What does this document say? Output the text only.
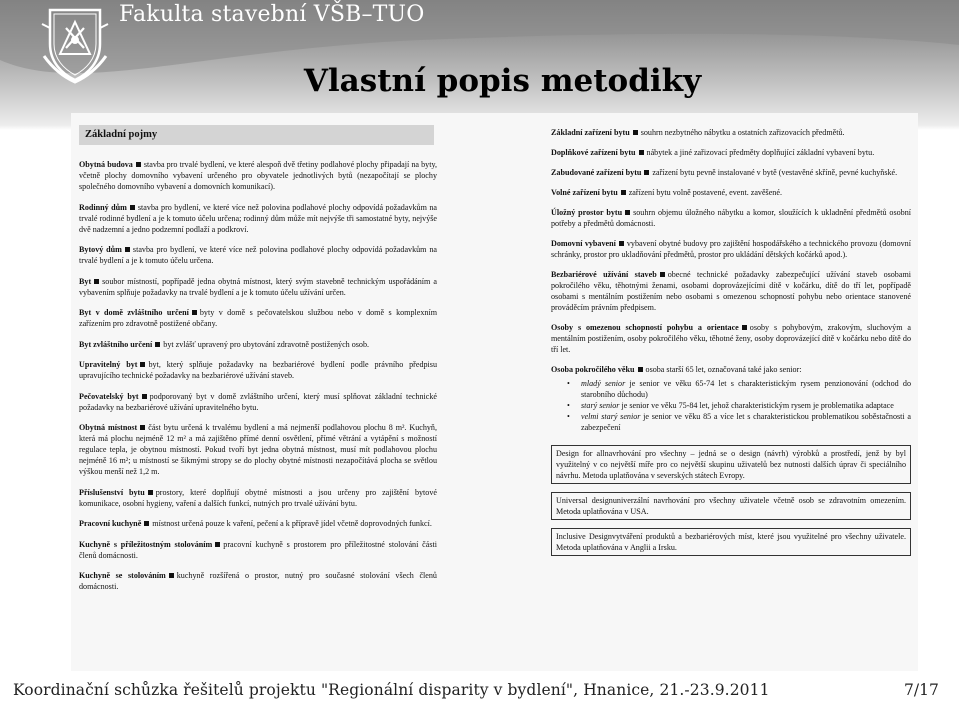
Fakulta stavební VŠB–TUO
Vlastní popis metodiky
Základní pojmy

Obytná budova stavba pro trvalé bydlení, ve které alespoň dvě třetiny podlahové plochy připadají na byty, včetně plochy domovního vybavení určeného pro obyvatele jednotlivých bytů (nezapočítají se plochy společného domovního vybavení a domovních komunikací).

Rodinný dům stavba pro bydlení, ve které více než polovina podlahové plochy odpovídá požadavkům na trvalé rodinné bydlení a je k tomuto účelu určena; rodinný dům může mít nejvýše tři samostatné byty, nejvýše dvě nadzemní a jedno podzemní podlaží a podkroví.

Bytový dům stavba pro bydlení, ve které více než polovina podlahové plochy odpovídá požadavkům na trvalé bydlení a je k tomuto účelu určena.

Byt soubor místností, popřípadě jedna obytná místnost, který svým stavebně technickým uspořádáním a vybavením splňuje požadavky na trvalé bydlení a je k tomuto účelu užívání určen.

Byt v domě zvláštního určení byty v domě s pečovatelskou službou nebo v domě s komplexním zařízením pro zdravotně postižené občany.

Byt zvláštního určení byt zvlášť upravený pro ubytování zdravotně postižených osob.

Upravitelný byt byt, který splňuje požadavky na bezbariérové bydlení podle právního předpisu upravujícího technické požadavky na bezbariérové užívání staveb.

Pečovatelský byt podporovaný byt v domě zvláštního určení, který musí splňovat základní technické požadavky na bezbariérové užívání upravitelného bytu.

Obytná místnost část bytu určená k trvalému bydlení a má nejmenší podlahovou plochu 8 m². Kuchyň, která má plochu nejméně 12 m² a má zajištěno přímé denní osvětlení, přímé větrání a vytápění s možností regulace tepla, je obytnou místností. Pokud tvoří byt jedna obytná místnost, musí mít podlahovou plochu nejméně 16 m²; u místností se šikmými stropy se do plochy obytné místnosti nezapočítává plocha se světlou výškou menší než 1,2 m.

Příslušenství bytu prostory, které doplňují obytné místnosti a jsou určeny pro zajištění bytové komunikace, osobní hygieny, vaření a dalších funkcí, nutných pro trvalé užívání bytu.

Pracovní kuchyně místnost určená pouze k vaření, pečení a k přípravě jídel včetně doprovodných funkcí.

Kuchyně s příležitostným stolováním pracovní kuchyně s prostorem pro příležitostné stolování části členů domácnosti.

Kuchyně se stolováním kuchyně rozšířená o prostor, nutný pro současné stolování všech členů domácnosti.

Základní zařízení bytu souhrn nezbytného nábytku a ostatních zařizovacích předmětů.

Doplňkové zařízení bytu nábytek a jiné zařizovací předměty doplňující základní vybavení bytu.

Zabudované zařízení bytu zařízení bytu pevně instalované v bytě (vestavěné skříně, pevné kuchyňské.

Volné zařízení bytu zařízení bytu volně postavené, event. zavěšené.

Úložný prostor bytu souhrn objemu úložného nábytku a komor, sloužících k ukladnění předmětů osobní potřeby a předmětů domácnosti.

Domovní vybavení vybavení obytné budovy pro zajištění hospodářského a technického provozu (domovní schránky, prostor pro ukladňování předmětů, prostor pro ukládání dětských kočárků apod.).

Bezbariérové užívání staveb obecné technické požadavky zabezpečující užívání staveb osobami pokročilého věku, těhotnými ženami, osobami doprovázejícími dítě v kočárku, dítě do tří let, popřípadě osobami s mentálním postižením nebo osobami s omezenou schopností pohybu nebo orientace stanovené prováděcím právním předpisem.

Osoby s omezenou schopností pohybu a orientace osoby s pohybovým, zrakovým, sluchovým a mentálním postižením, osoby pokročilého věku, těhotné ženy, osoby doprovázející dítě v kočárku nebo dítě do tří let.

Osoba pokročilého věku osoba starší 65 let, označovaná také jako senior:

• mladý senior je senior ve věku 65-74 let s charakteristickým rysem penzionování (odchod do starobního důchodu)
• starý senior je senior ve věku 75-84 let, jehož charakteristickým rysem je problematika adaptace
• velmi starý senior je senior ve věku 85 a více let s charakteristickou problematikou soběstačnosti a zabezpečení

Design for allnavrhování pro všechny – jedná se o design (návrh) výrobků a prostředí, jenž by byl využitelný v co největší míře pro co největší skupinu uživatelů bez nutnosti dalších úprav či speciálního návrhu. Metoda uplatňována v severských státech Evropy.

Universal designuniverzální navrhování pro všechny uživatele včetně osob se zdravotním omezením. Metoda uplatňována v USA.

Inclusive Designvytváření produktů a bezbariérových míst, které jsou využitelné pro všechny uživatele. Metoda uplatňována v Anglii a Irsku.

Koordinační schůzka řešitelů projektu "Regionální disparity v bydlení", Hnanice, 21.-23.9.2011	7/17
